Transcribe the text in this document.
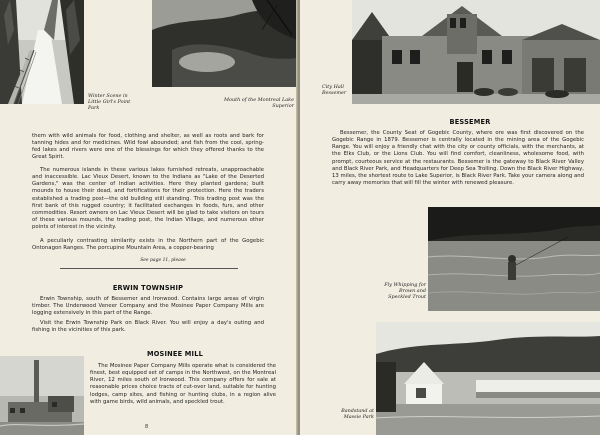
Winter Scene in Little Girl's Point Park

Mouth of the Montreal Lake Superior

them with wild animals for food, clothing and shelter, as well as roots and bark for tanning hides and for medicines. Wild fowl abounded; and fish from the cool, spring-fed lakes and rivers were one of the blessings for which they offered thanks to the Great Spirit.

The numerous islands in these various lakes furnished retreats, unapproachable and inaccessible. Lac Vieux Desert, known to the Indians as "Lake of the Deserted Gardens," was the center of Indian activities. Here they planted gardens; built mounds to house their dead, and fortifications for their protection. Here the traders established a trading post—the old building still standing. This trading post was the first bank of this rugged country; it facilitated exchanges in foods, furs, and other commodities. Resort owners on Lac Vieux Desert will be glad to take visitors on tours of these various mounds, the trading post, the Indian Village, and numerous other points of interest in the vicinity.

A peculiarly contrasting similarity exists in the Northern part of the Gogebic Ontonagon Ranges. The porcupine Mountain Area, a copper-bearing

See page 11, please

ERWIN TOWNSHIP

Erwin Township, south of Bessemer and Ironwood. Contains large areas of virgin timber. The Underwood Veneer Company and the Mosinee Paper Company Mills are logging extensively in this part of the Range.

Visit the Erwin Township Park on Black River. You will enjoy a day's outing and fishing in the vicinities of this park.

MOSINEE MILL

The Mosinee Paper Company Mills operate what is considered the finest, best equipped set of camps in the Northwest, on the Montreal River, 12 miles south of Ironwood. This company offers for sale at reasonable prices choice tracts of cut-over land, suitable for hunting lodges, camp sites, and fishing or hunting clubs, in a region alive with game birds, wild animals, and speckled trout.

8

City Hall Bessemer

BESSEMER

Bessemer, the County Seat of Gogebic County, where ore was first discovered on the Gogebic Range in 1879. Bessemer is centrally located in the mining area of the Gogebic Range. You will enjoy a friendly chat with the city or county officials, with the merchants, at the Elks Club, or the Lions Club. You will find comfort, cleanliness, wholesome food, with prompt, courteous service at the restaurants. Bessemer is the gateway to Black River Valley and Black River Park, and Headquarters for Deep Sea Trolling. Down the Black River Highway, 13 miles, the shortest route to Lake Superior, is Black River Park. Take your camera along and carry away memories that will fill the winter with renewed pleasure.

Fly Whipping for Brown and Speckled Trout

Bandstand at Massie Park
